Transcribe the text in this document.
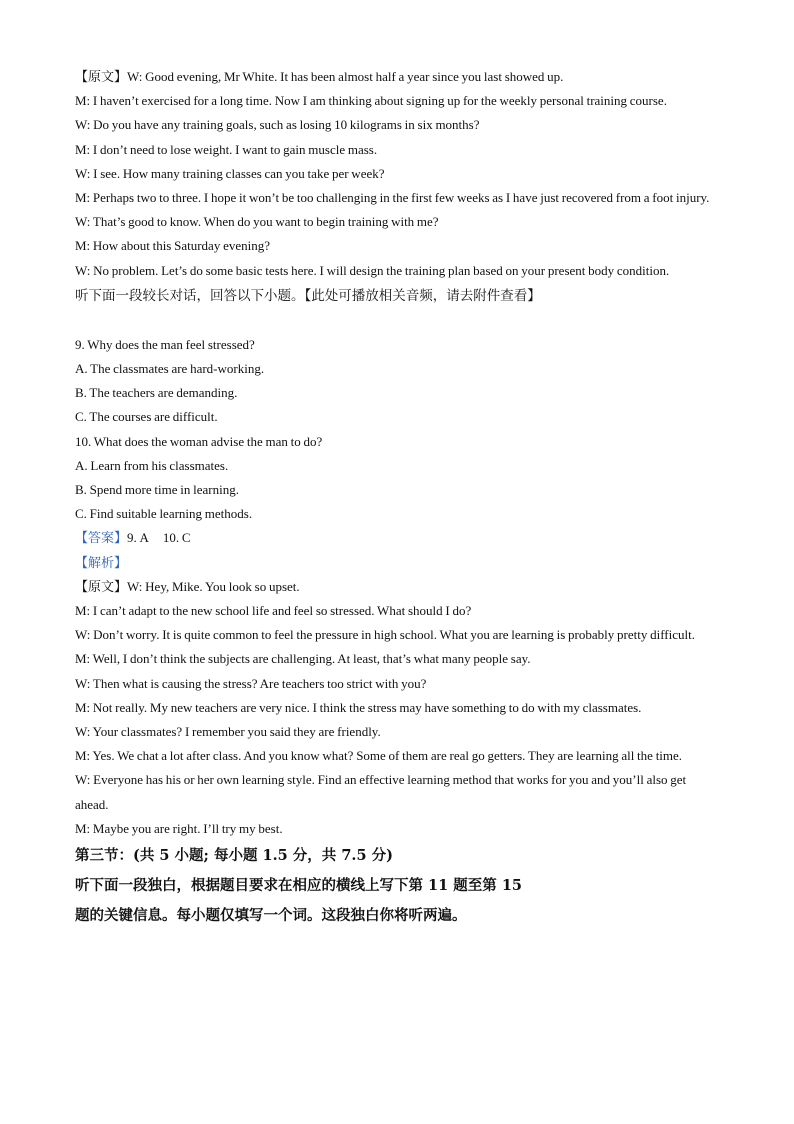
【原文】W: Good evening, Mr White. It has been almost half a year since you last showed up.
M: I haven’t exercised for a long time. Now I am thinking about signing up for the weekly personal training course.
W: Do you have any training goals, such as losing 10 kilograms in six months?
M: I don’t need to lose weight. I want to gain muscle mass.
W: I see. How many training classes can you take per week?
M: Perhaps two to three. I hope it won’t be too challenging in the first few weeks as I have just recovered from a foot injury.
W: That’s good to know. When do you want to begin training with me?
M: How about this Saturday evening?
W: No problem. Let’s do some basic tests here. I will design the training plan based on your present body condition.
听下面一段较长对话，回答以下小题。【此处可播放相关音频，请去附件查看】
9. Why does the man feel stressed?
A. The classmates are hard-working.
B. The teachers are demanding.
C. The courses are difficult.
10. What does the woman advise the man to do?
A. Learn from his classmates.
B. Spend more time in learning.
C. Find suitable learning methods.
【答案】9. A 10. C
【解析】
【原文】W: Hey, Mike. You look so upset.
M: I can’t adapt to the new school life and feel so stressed. What should I do?
W: Don’t worry. It is quite common to feel the pressure in high school. What you are learning is probably pretty difficult.
M: Well, I don’t think the subjects are challenging. At least, that’s what many people say.
W: Then what is causing the stress? Are teachers too strict with you?
M: Not really. My new teachers are very nice. I think the stress may have something to do with my classmates.
W: Your classmates? I remember you said they are friendly.
M: Yes. We chat a lot after class. And you know what? Some of them are real go getters. They are learning all the time.
W: Everyone has his or her own learning style. Find an effective learning method that works for you and you’ll also get ahead.
M: Maybe you are right. I’ll try my best.
第三节：(共 5 小题; 每小题 1.5 分，共 7.5 分)
听下面一段独白，根据题目要求在相应的横线上写下第 11 题至第 15
题的关键信息。每小题仅填写一个词。这段独白你将听两遍。
